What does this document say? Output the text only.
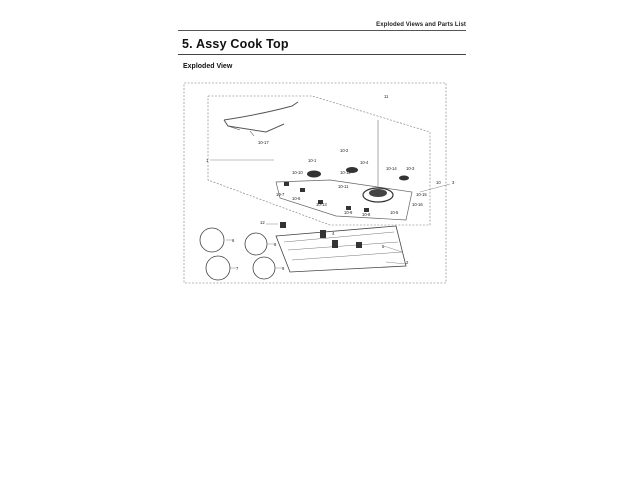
Exploded Views and Parts List
5. Assy Cook Top
Exploded View
1
2
3
4
5
6
7
8
9
10
11
12
10-1
10-2
10-3
10-4
10-5
10-6
10-7
10-8
10-9
10-10
10-11
10-12
10-13
10-14
10-15
10-16
10-17
